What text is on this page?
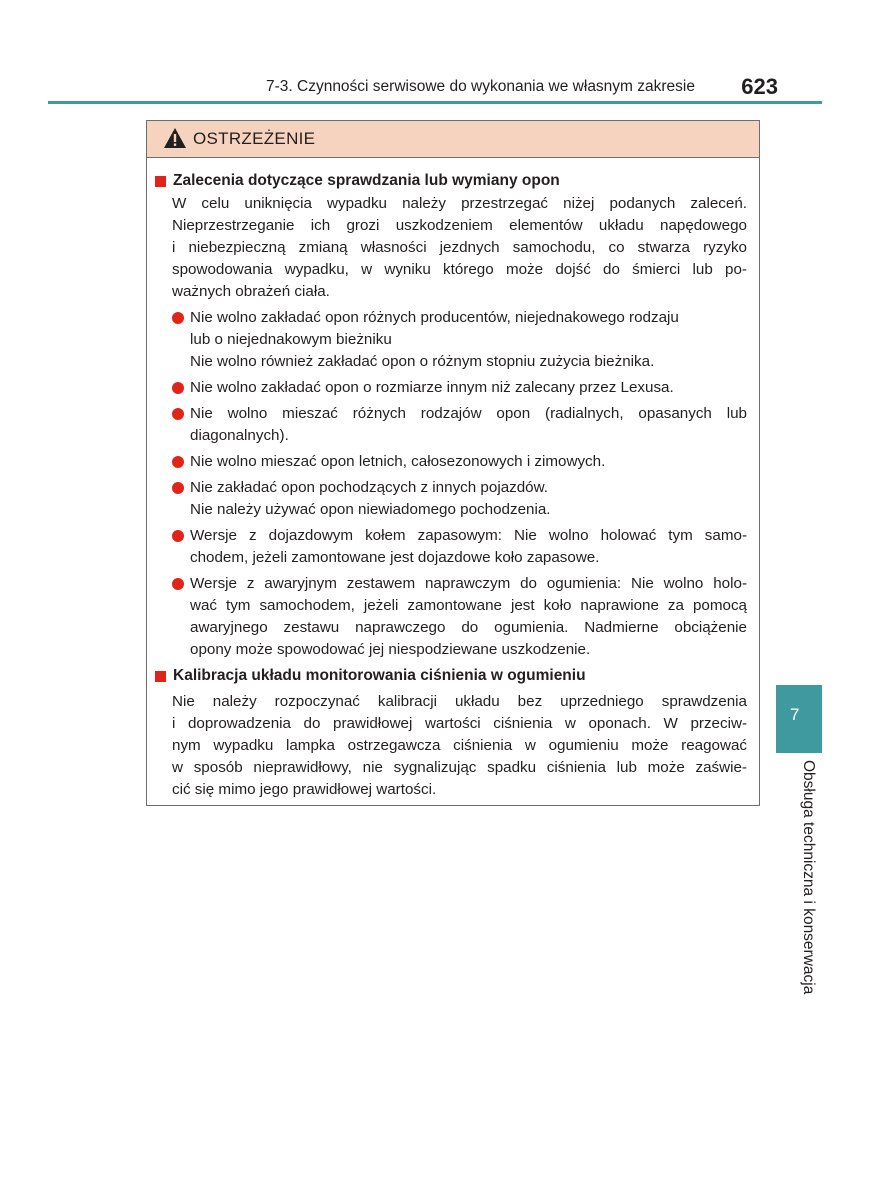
7-3. Czynności serwisowe do wykonania we własnym zakresie	623
OSTRZEŻENIE
Zalecenia dotyczące sprawdzania lub wymiany opon
W celu uniknięcia wypadku należy przestrzegać niżej podanych zaleceń.
Nieprzestrzeganie ich grozi uszkodzeniem elementów układu napędowego
i niebezpieczną zmianą własności jezdnych samochodu, co stwarza ryzyko
spowodowania wypadku, w wyniku którego może dojść do śmierci lub po-
ważnych obrażeń ciała.
Nie wolno zakładać opon różnych producentów, niejednakowego rodzaju
lub o niejednakowym bieżniku
Nie wolno również zakładać opon o różnym stopniu zużycia bieżnika.
Nie wolno zakładać opon o rozmiarze innym niż zalecany przez Lexusa.
Nie wolno mieszać różnych rodzajów opon (radialnych, opasanych lub
diagonalnych).
Nie wolno mieszać opon letnich, całosezonowych i zimowych.
Nie zakładać opon pochodzących z innych pojazdów.
Nie należy używać opon niewiadomego pochodzenia.
Wersje z dojazdowym kołem zapasowym: Nie wolno holować tym samo-
chodem, jeżeli zamontowane jest dojazdowe koło zapasowe.
Wersje z awaryjnym zestawem naprawczym do ogumienia: Nie wolno holo-
wać tym samochodem, jeżeli zamontowane jest koło naprawione za pomocą
awaryjnego zestawu naprawczego do ogumienia. Nadmierne obciążenie
opony może spowodować jej niespodziewane uszkodzenie.
Kalibracja układu monitorowania ciśnienia w ogumieniu
Nie należy rozpoczynać kalibracji układu bez uprzedniego sprawdzenia
i doprowadzenia do prawidłowej wartości ciśnienia w oponach. W przeciw-
nym wypadku lampka ostrzegawcza ciśnienia w ogumieniu może reagować
w sposób nieprawidłowy, nie sygnalizując spadku ciśnienia lub może zaświe-
cić się mimo jego prawidłowej wartości.
7
Obsługa techniczna i konserwacja
